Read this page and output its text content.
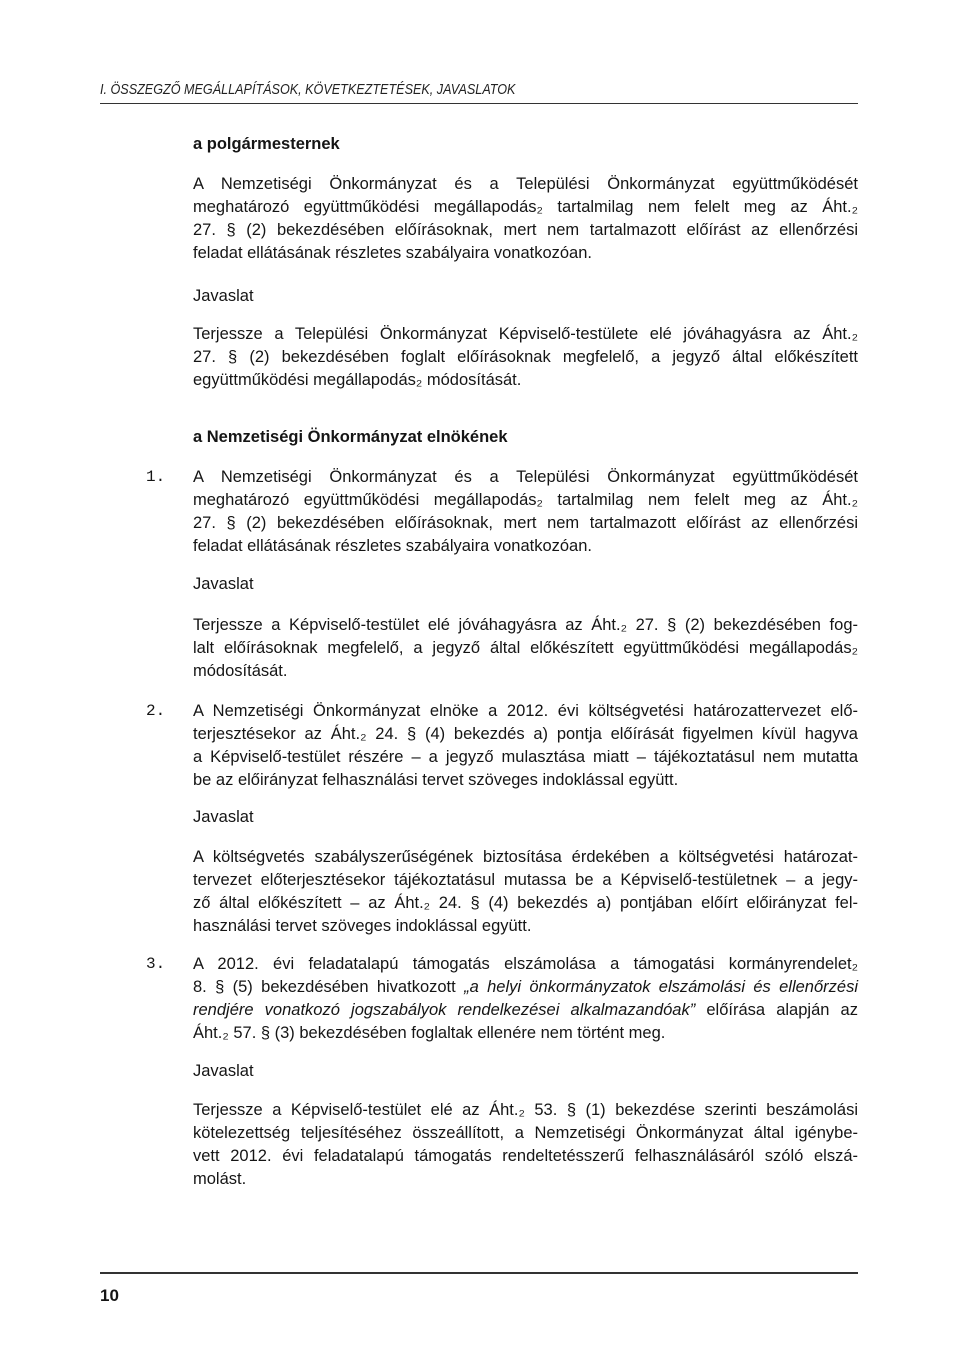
I. ÖSSZEGZŐ MEGÁLLAPÍTÁSOK, KÖVETKEZTETÉSEK, JAVASLATOK
a polgármesternek
A Nemzetiségi Önkormányzat és a Települési Önkormányzat együttműködését
meghatározó együttműködési megállapodás₂ tartalmilag nem felelt meg az Áht.₂
27. § (2) bekezdésében előírásoknak, mert nem tartalmazott előírást az ellenőrzési
feladat ellátásának részletes szabályaira vonatkozóan.
Javaslat
Terjessze a Települési Önkormányzat Képviselő-testülete elé jóváhagyásra az Áht.₂
27. § (2) bekezdésében foglalt előírásoknak megfelelő, a jegyző által előkészített
együttműködési megállapodás₂ módosítását.
a Nemzetiségi Önkormányzat elnökének
1. A Nemzetiségi Önkormányzat és a Települési Önkormányzat együttműködését
meghatározó együttműködési megállapodás₂ tartalmilag nem felelt meg az Áht.₂
27. § (2) bekezdésében előírásoknak, mert nem tartalmazott előírást az ellenőrzési
feladat ellátásának részletes szabályaira vonatkozóan.
Javaslat
Terjessze a Képviselő-testület elé jóváhagyásra az Áht.₂ 27. § (2) bekezdésében fog-
lalt előírásoknak megfelelő, a jegyző által előkészített együttműködési megállapodás₂
módosítását.
2. A Nemzetiségi Önkormányzat elnöke a 2012. évi költségvetési határozattervezet elő-
terjesztésekor az Áht.₂ 24. § (4) bekezdés a) pontja előírását figyelmen kívül hagyva
a Képviselő-testület részére – a jegyző mulasztása miatt – tájékoztatásul nem mutatta
be az előirányzat felhasználási tervet szöveges indoklással együtt.
Javaslat
A költségvetés szabályszerűségének biztosítása érdekében a költségvetési határozat-
tervezet előterjesztésekor tájékoztatásul mutassa be a Képviselő-testületnek – a jegy-
ző által előkészített – az Áht.₂ 24. § (4) bekezdés a) pontjában előírt előirányzat fel-
használási tervet szöveges indoklással együtt.
3. A 2012. évi feladatalapú támogatás elszámolása a támogatási kormányrendelet₂
8. § (5) bekezdésében hivatkozott „a helyi önkormányzatok elszámolási és ellenőrzési
rendjére vonatkozó jogszabályok rendelkezései alkalmazandóak” előírása alapján az
Áht.₂ 57. § (3) bekezdésében foglaltak ellenére nem történt meg.
Javaslat
Terjessze a Képviselő-testület elé az Áht.₂ 53. § (1) bekezdése szerinti beszámolási
kötelezettség teljesítéséhez összeállított, a Nemzetiségi Önkormányzat által igénybe-
vett 2012. évi feladatalapú támogatás rendeltetésszerű felhasználásáról szóló elszá-
molást.
10
